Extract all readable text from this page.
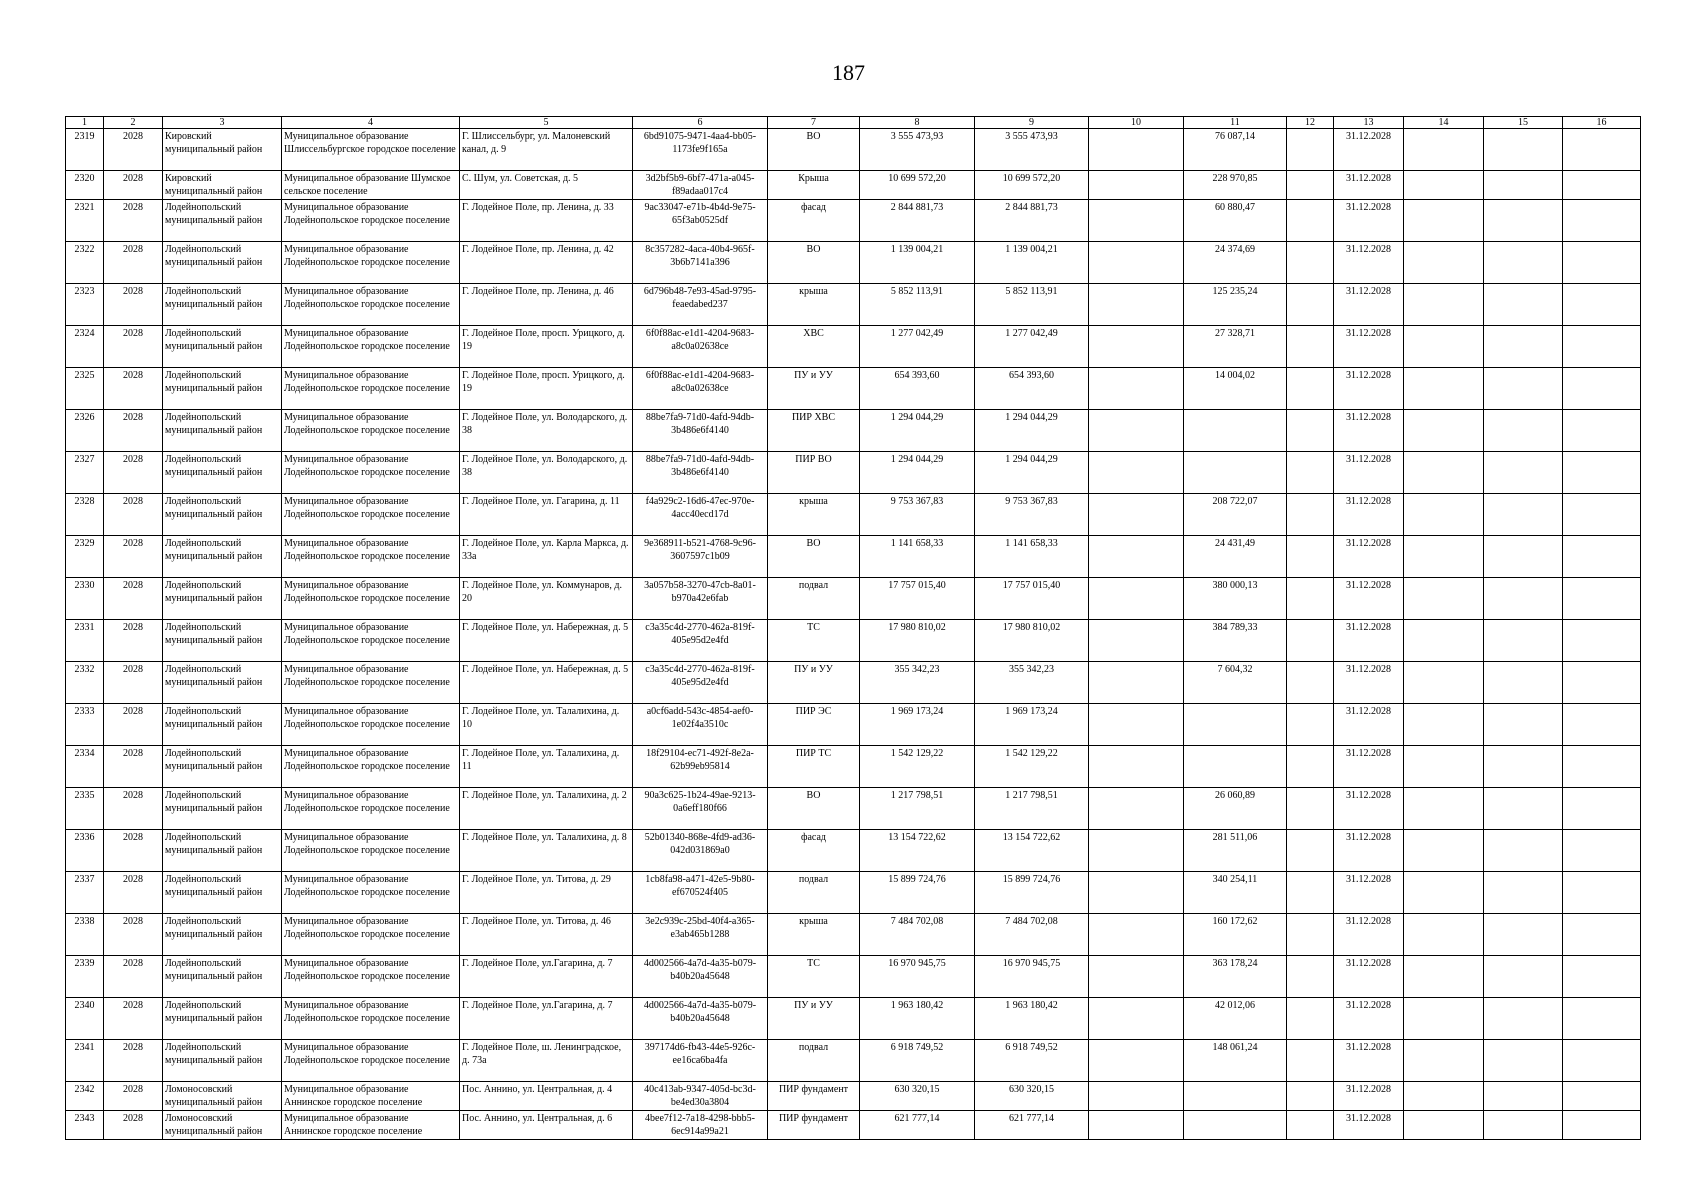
187
1	2	3	4	5	6	7	8	9	10	11	12	13	14	15	16
2319	2028	Кировский муниципальный район	Муниципальное образование Шлиссельбургское городское поселение	Г. Шлиссельбург, ул. Малоневский канал, д. 9	6bd91075-9471-4aa4-bb05-1173fe9f165a	ВО	3 555 473,93	3 555 473,93		76 087,14		31.12.2028			
2320	2028	Кировский муниципальный район	Муниципальное образование Шумское сельское поселение	С. Шум, ул. Советская, д. 5	3d2bf5b9-6bf7-471a-a045-f89adaa017c4	Крыша	10 699 572,20	10 699 572,20		228 970,85		31.12.2028			
2321	2028	Лодейнопольский муниципальный район	Муниципальное образование Лодейнопольское городское поселение	Г. Лодейное Поле, пр. Ленина, д. 33	9ac33047-e71b-4b4d-9e75-65f3ab0525df	фасад	2 844 881,73	2 844 881,73		60 880,47		31.12.2028			
2322	2028	Лодейнопольский муниципальный район	Муниципальное образование Лодейнопольское городское поселение	Г. Лодейное Поле, пр. Ленина, д. 42	8c357282-4aca-40b4-965f-3b6b7141a396	ВО	1 139 004,21	1 139 004,21		24 374,69		31.12.2028			
2323	2028	Лодейнопольский муниципальный район	Муниципальное образование Лодейнопольское городское поселение	Г. Лодейное Поле, пр. Ленина, д. 46	6d796b48-7e93-45ad-9795-feaedabed237	крыша	5 852 113,91	5 852 113,91		125 235,24		31.12.2028			
2324	2028	Лодейнопольский муниципальный район	Муниципальное образование Лодейнопольское городское поселение	Г. Лодейное Поле, просп. Урицкого, д. 19	6f0f88ac-e1d1-4204-9683-a8c0a02638ce	ХВС	1 277 042,49	1 277 042,49		27 328,71		31.12.2028			
2325	2028	Лодейнопольский муниципальный район	Муниципальное образование Лодейнопольское городское поселение	Г. Лодейное Поле, просп. Урицкого, д. 19	6f0f88ac-e1d1-4204-9683-a8c0a02638ce	ПУ и УУ	654 393,60	654 393,60		14 004,02		31.12.2028			
2326	2028	Лодейнопольский муниципальный район	Муниципальное образование Лодейнопольское городское поселение	Г. Лодейное Поле, ул. Володарского, д. 38	88be7fa9-71d0-4afd-94db-3b486e6f4140	ПИР ХВС	1 294 044,29	1 294 044,29				31.12.2028			
2327	2028	Лодейнопольский муниципальный район	Муниципальное образование Лодейнопольское городское поселение	Г. Лодейное Поле, ул. Володарского, д. 38	88be7fa9-71d0-4afd-94db-3b486e6f4140	ПИР ВО	1 294 044,29	1 294 044,29				31.12.2028			
2328	2028	Лодейнопольский муниципальный район	Муниципальное образование Лодейнопольское городское поселение	Г. Лодейное Поле, ул. Гагарина, д. 11	f4a929c2-16d6-47ec-970e-4acc40ecd17d	крыша	9 753 367,83	9 753 367,83		208 722,07		31.12.2028			
2329	2028	Лодейнопольский муниципальный район	Муниципальное образование Лодейнопольское городское поселение	Г. Лодейное Поле, ул. Карла Маркса, д. 33а	9e368911-b521-4768-9c96-3607597c1b09	ВО	1 141 658,33	1 141 658,33		24 431,49		31.12.2028			
2330	2028	Лодейнопольский муниципальный район	Муниципальное образование Лодейнопольское городское поселение	Г. Лодейное Поле, ул. Коммунаров, д. 20	3a057b58-3270-47cb-8a01-b970a42e6fab	подвал	17 757 015,40	17 757 015,40		380 000,13		31.12.2028			
2331	2028	Лодейнопольский муниципальный район	Муниципальное образование Лодейнопольское городское поселение	Г. Лодейное Поле, ул. Набережная, д. 5	c3a35c4d-2770-462a-819f-405e95d2e4fd	ТС	17 980 810,02	17 980 810,02		384 789,33		31.12.2028			
2332	2028	Лодейнопольский муниципальный район	Муниципальное образование Лодейнопольское городское поселение	Г. Лодейное Поле, ул. Набережная, д. 5	c3a35c4d-2770-462a-819f-405e95d2e4fd	ПУ и УУ	355 342,23	355 342,23		7 604,32		31.12.2028			
2333	2028	Лодейнопольский муниципальный район	Муниципальное образование Лодейнопольское городское поселение	Г. Лодейное Поле, ул. Талалихина, д. 10	a0cf6add-543c-4854-aef0-1e02f4a3510c	ПИР ЭС	1 969 173,24	1 969 173,24				31.12.2028			
2334	2028	Лодейнопольский муниципальный район	Муниципальное образование Лодейнопольское городское поселение	Г. Лодейное Поле, ул. Талалихина, д. 11	18f29104-ec71-492f-8e2a-62b99eb95814	ПИР ТС	1 542 129,22	1 542 129,22				31.12.2028			
2335	2028	Лодейнопольский муниципальный район	Муниципальное образование Лодейнопольское городское поселение	Г. Лодейное Поле, ул. Талалихина, д. 2	90a3c625-1b24-49ae-9213-0a6eff180f66	ВО	1 217 798,51	1 217 798,51		26 060,89		31.12.2028			
2336	2028	Лодейнопольский муниципальный район	Муниципальное образование Лодейнопольское городское поселение	Г. Лодейное Поле, ул. Талалихина, д. 8	52b01340-868e-4fd9-ad36-042d031869a0	фасад	13 154 722,62	13 154 722,62		281 511,06		31.12.2028			
2337	2028	Лодейнопольский муниципальный район	Муниципальное образование Лодейнопольское городское поселение	Г. Лодейное Поле, ул. Титова, д. 29	1cb8fa98-a471-42e5-9b80-ef670524f405	подвал	15 899 724,76	15 899 724,76		340 254,11		31.12.2028			
2338	2028	Лодейнопольский муниципальный район	Муниципальное образование Лодейнопольское городское поселение	Г. Лодейное Поле, ул. Титова, д. 46	3e2c939c-25bd-40f4-a365-e3ab465b1288	крыша	7 484 702,08	7 484 702,08		160 172,62		31.12.2028			
2339	2028	Лодейнопольский муниципальный район	Муниципальное образование Лодейнопольское городское поселение	Г. Лодейное Поле, ул.Гагарина, д. 7	4d002566-4a7d-4a35-b079-b40b20a45648	ТС	16 970 945,75	16 970 945,75		363 178,24		31.12.2028			
2340	2028	Лодейнопольский муниципальный район	Муниципальное образование Лодейнопольское городское поселение	Г. Лодейное Поле, ул.Гагарина, д. 7	4d002566-4a7d-4a35-b079-b40b20a45648	ПУ и УУ	1 963 180,42	1 963 180,42		42 012,06		31.12.2028			
2341	2028	Лодейнопольский муниципальный район	Муниципальное образование Лодейнопольское городское поселение	Г. Лодейное Поле, ш. Ленинградское, д. 73а	397174d6-fb43-44e5-926c-ee16ca6ba4fa	подвал	6 918 749,52	6 918 749,52		148 061,24		31.12.2028			
2342	2028	Ломоносовский муниципальный район	Муниципальное образование Аннинское городское поселение	Пос. Аннино, ул. Центральная, д. 4	40c413ab-9347-405d-bc3d-be4ed30a3804	ПИР фундамент	630 320,15	630 320,15				31.12.2028			
2343	2028	Ломоносовский муниципальный район	Муниципальное образование Аннинское городское поселение	Пос. Аннино, ул. Центральная, д. 6	4bee7f12-7a18-4298-bbb5-6ec914a99a21	ПИР фундамент	621 777,14	621 777,14				31.12.2028			
